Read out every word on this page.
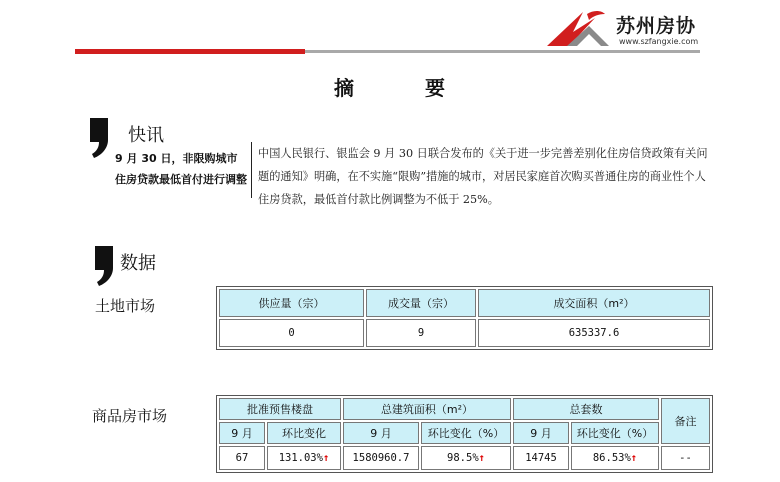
苏州房协
www.szfangxie.com
摘	要
快讯
9 月 30 日，非限购城市住房贷款最低首付进行调整
中国人民银行、银监会 9 月 30 日联合发布的《关于进一步完善差别化住房信贷政策有关问题的通知》明确，在不实施“限购”措施的城市，对居民家庭首次购买普通住房的商业性个人住房贷款，最低首付款比例调整为不低于 25%。
数据
土地市场	供应量（宗）	成交量（宗）	成交面积（m²）
0	9	635337.6
商品房市场	批准预售楼盘		总建筑面积（m²）		总套数		备注
9 月	环比变化	9 月	环比变化（%）	9 月	环比变化（%）	
67	131.03%↑	1580960.7	98.5%↑	14745	86.53%↑	--
